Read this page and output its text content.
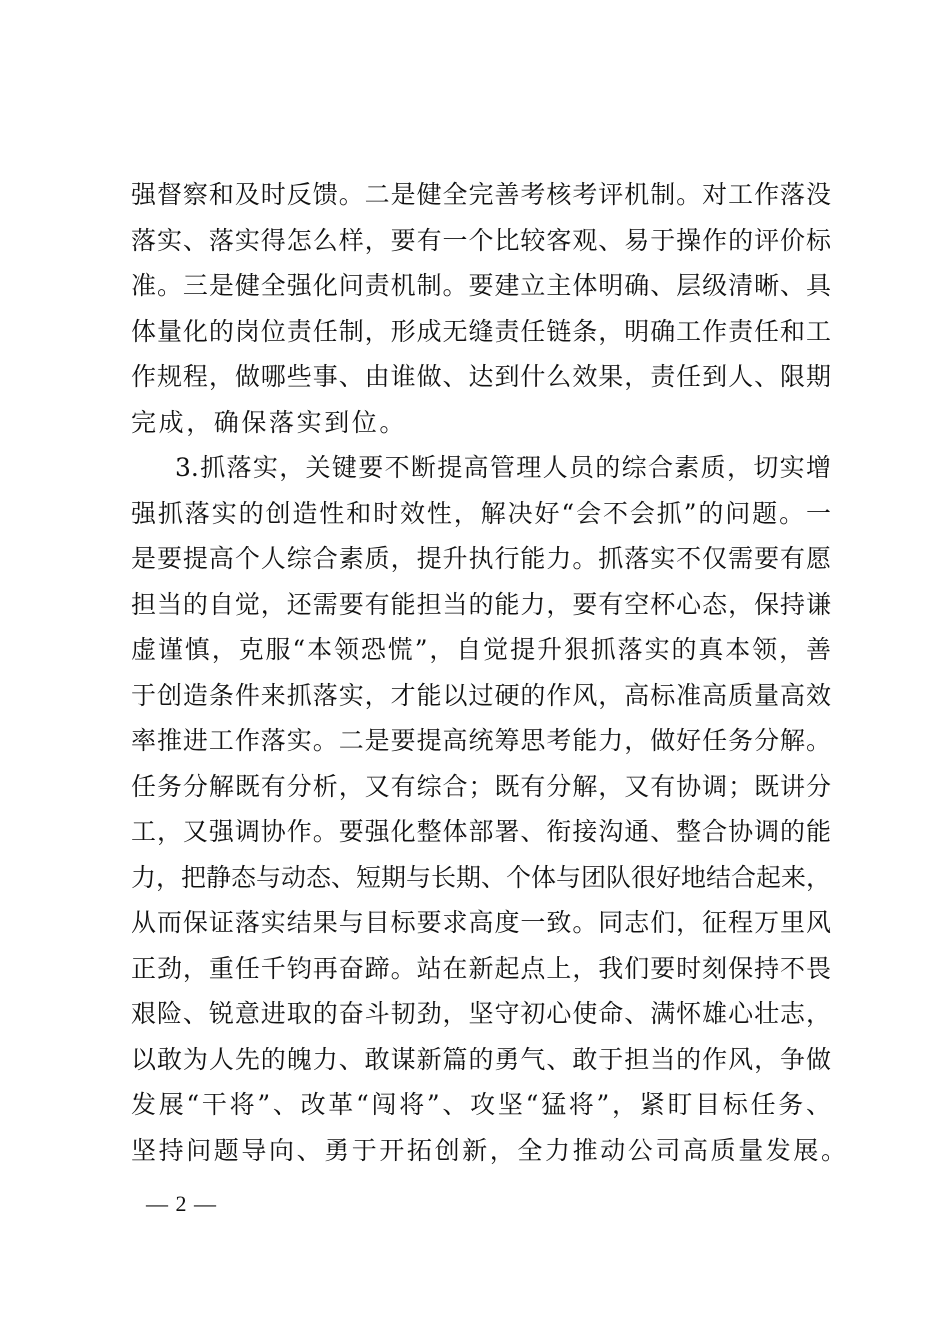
强督察和及时反馈。二是健全完善考核考评机制。对工作落没
落实、落实得怎么样，要有一个比较客观、易于操作的评价标
准。三是健全强化问责机制。要建立主体明确、层级清晰、具
体量化的岗位责任制，形成无缝责任链条，明确工作责任和工
作规程，做哪些事、由谁做、达到什么效果，责任到人、限期
完成，确保落实到位。
3.抓落实，关键要不断提高管理人员的综合素质，切实增
强抓落实的创造性和时效性，解决好“会不会抓”的问题。一
是要提高个人综合素质，提升执行能力。抓落实不仅需要有愿
担当的自觉，还需要有能担当的能力，要有空杯心态，保持谦
虚谨慎，克服“本领恐慌”，自觉提升狠抓落实的真本领，善
于创造条件来抓落实，才能以过硬的作风，高标准高质量高效
率推进工作落实。二是要提高统筹思考能力，做好任务分解。
任务分解既有分析，又有综合；既有分解，又有协调；既讲分
工，又强调协作。要强化整体部署、衔接沟通、整合协调的能
力，把静态与动态、短期与长期、个体与团队很好地结合起来，
从而保证落实结果与目标要求高度一致。同志们，征程万里风
正劲，重任千钧再奋蹄。站在新起点上，我们要时刻保持不畏
艰险、锐意进取的奋斗韧劲，坚守初心使命、满怀雄心壮志，
以敢为人先的魄力、敢谋新篇的勇气、敢于担当的作风，争做
发展“干将”、改革“闯将”、攻坚“猛将”，紧盯目标任务、
坚持问题导向、勇于开拓创新，全力推动公司高质量发展。
— 2 —
